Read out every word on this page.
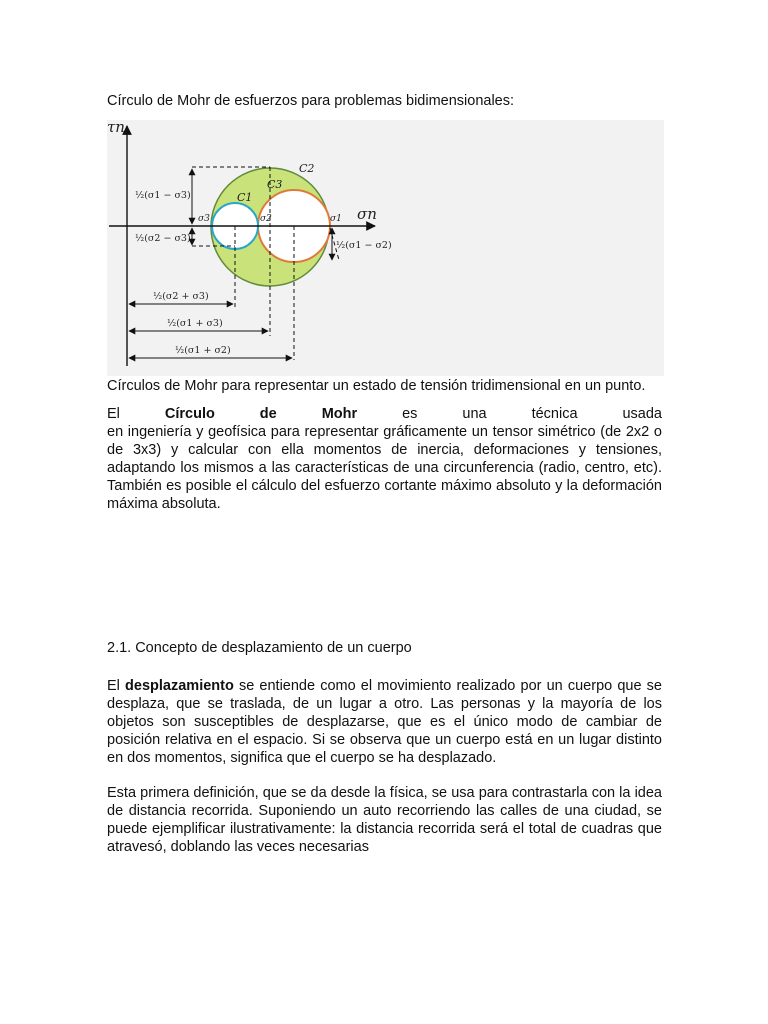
Círculo de Mohr de esfuerzos para problemas bidimensionales:
τn
σn
C2
C3
C1
σ3	σ2	σ1
½(σ1 − σ3)
½(σ2 − σ3)
½(σ1 − σ2)
½(σ2 + σ3)
½(σ1 + σ3)
½(σ1 + σ2)
Círculos de Mohr para representar un estado de tensión tridimensional en un punto.
El	Círculo	de	Mohr	es	una	técnica	usada
en ingeniería y geofísica para representar gráficamente un tensor simétrico (de 2x2 o de 3x3) y calcular con ella momentos de inercia, deformaciones y tensiones, adaptando los mismos a las características de una circunferencia (radio, centro, etc). También es posible el cálculo del esfuerzo cortante máximo absoluto y la deformación máxima absoluta.
2.1. Concepto de desplazamiento de un cuerpo
El desplazamiento se entiende como el movimiento realizado por un cuerpo que se desplaza, que se traslada, de un lugar a otro. Las personas y la mayoría de los objetos son susceptibles de desplazarse, que es el único modo de cambiar de posición relativa en el espacio. Si se observa que un cuerpo está en un lugar distinto en dos momentos, significa que el cuerpo se ha desplazado.
Esta primera definición, que se da desde la física, se usa para contrastarla con la idea de distancia recorrida. Suponiendo un auto recorriendo las calles de una ciudad, se puede ejemplificar ilustrativamente: la distancia recorrida será el total de cuadras que atravesó, doblando las veces necesarias
